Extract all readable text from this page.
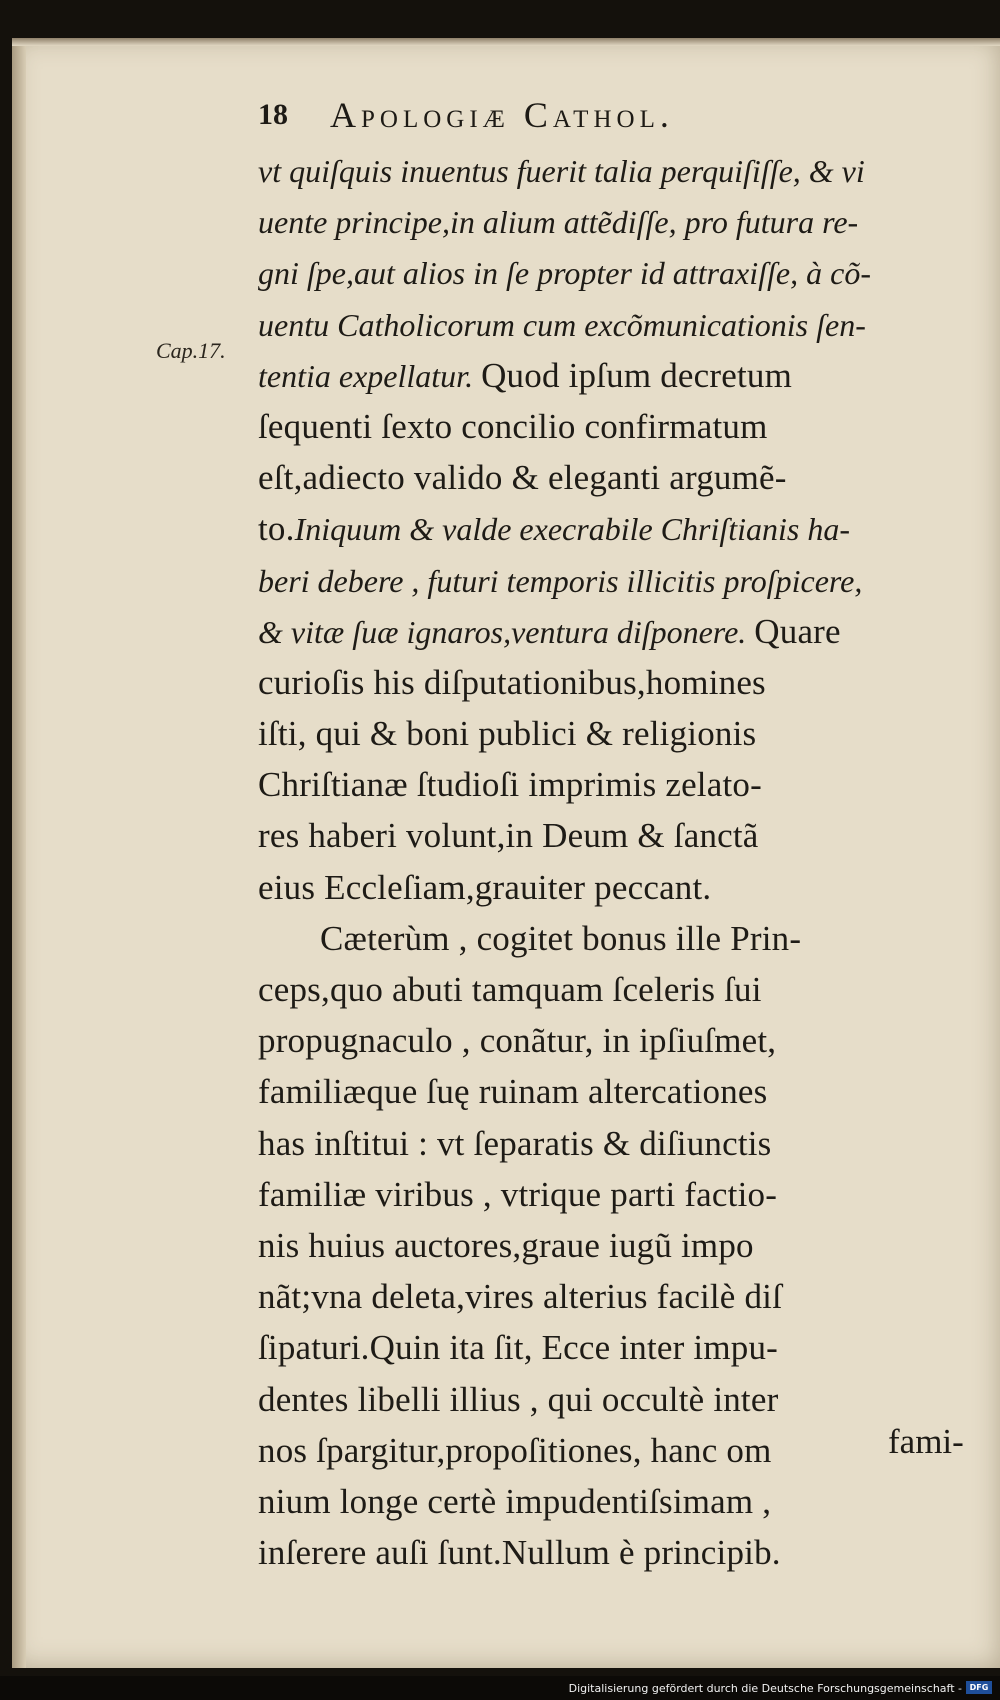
18 Apologiæ Cathol.
Cap.17.
vt quiſquis inuentus fuerit talia perquiſiſſe, & vi
uente principe,in alium attẽdiſſe, pro futura re-
gni ſpe,aut alios in ſe propter id attraxiſſe, à cõ-
uentu Catholicorum cum excõmunicationis ſen-
tentia expellatur. Quod ipſum decretum
ſequenti ſexto concilio confirmatum
eſt,adiecto valido & eleganti argumẽ-
to.Iniquum & valde execrabile Chriſtianis ha-
beri debere , futuri temporis illicitis proſpicere,
& vitæ ſuæ ignaros,ventura diſponere. Quare
curioſis his diſputationibus,homines
iſti, qui & boni publici & religionis
Chriſtianæ ſtudioſi imprimis zelato-
res haberi volunt,in Deum & ſanctã
eius Eccleſiam,grauiter peccant.
Cæterùm , cogitet bonus ille Prin-
ceps,quo abuti tamquam ſceleris ſui
propugnaculo , conãtur, in ipſiuſmet,
familiæque ſuę ruinam altercationes
has inſtitui : vt ſeparatis & diſiunctis
familiæ viribus , vtrique parti factio-
nis huius auctores,graue iugũ impo
nãt;vna deleta,vires alterius facilè diſ
ſipaturi.Quin ita ſit, Ecce inter impu-
dentes libelli illius , qui occultè inter
nos ſpargitur,propoſitiones, hanc om
nium longe certè impudentiſsimam ,
inſerere auſi ſunt.Nullum è principib.
fami-
Digitalisierung gefördert durch die Deutsche Forschungsgemeinschaft - DFG
